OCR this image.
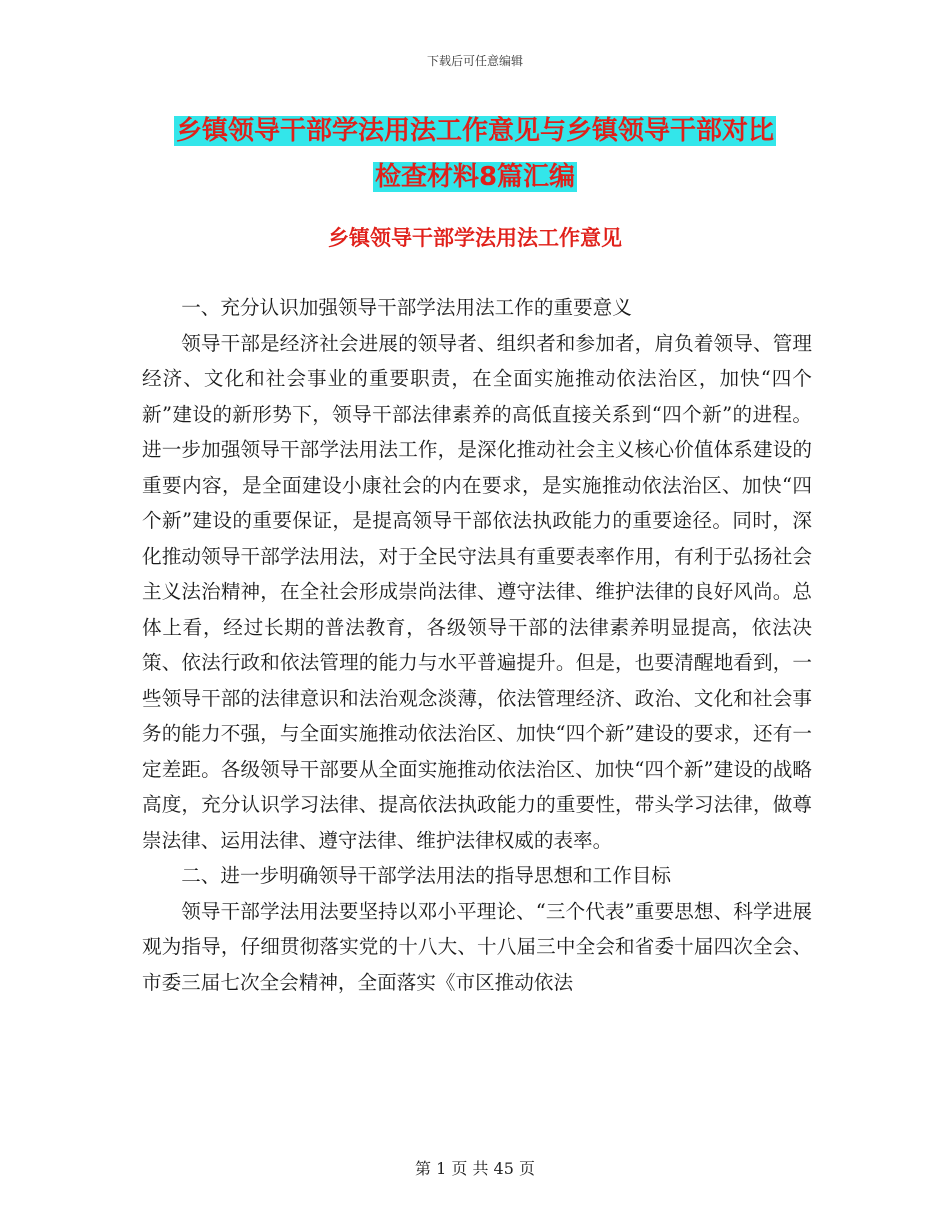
下载后可任意编辑
乡镇领导干部学法用法工作意见与乡镇领导干部对比
检查材料8篇汇编
乡镇领导干部学法用法工作意见

一、充分认识加强领导干部学法用法工作的重要意义

领导干部是经济社会进展的领导者、组织者和参加者，肩负着领导、管理经济、文化和社会事业的重要职责，在全面实施推动依法治区，加快“四个新”建设的新形势下，领导干部法律素养的高低直接关系到“四个新”的进程。进一步加强领导干部学法用法工作，是深化推动社会主义核心价值体系建设的重要内容，是全面建设小康社会的内在要求，是实施推动依法治区、加快“四个新”建设的重要保证，是提高领导干部依法执政能力的重要途径。同时，深化推动领导干部学法用法，对于全民守法具有重要表率作用，有利于弘扬社会主义法治精神，在全社会形成崇尚法律、遵守法律、维护法律的良好风尚。总体上看，经过长期的普法教育，各级领导干部的法律素养明显提高，依法决策、依法行政和依法管理的能力与水平普遍提升。但是，也要清醒地看到，一些领导干部的法律意识和法治观念淡薄，依法管理经济、政治、文化和社会事务的能力不强，与全面实施推动依法治区、加快“四个新”建设的要求，还有一定差距。各级领导干部要从全面实施推动依法治区、加快“四个新”建设的战略高度，充分认识学习法律、提高依法执政能力的重要性，带头学习法律，做尊崇法律、运用法律、遵守法律、维护法律权威的表率。

二、进一步明确领导干部学法用法的指导思想和工作目标

领导干部学法用法要坚持以邓小平理论、“三个代表”重要思想、科学进展观为指导，仔细贯彻落实党的十八大、十八届三中全会和省委十届四次全会、市委三届七次全会精神，全面落实《市区推动依法

第 1 页 共 45 页
